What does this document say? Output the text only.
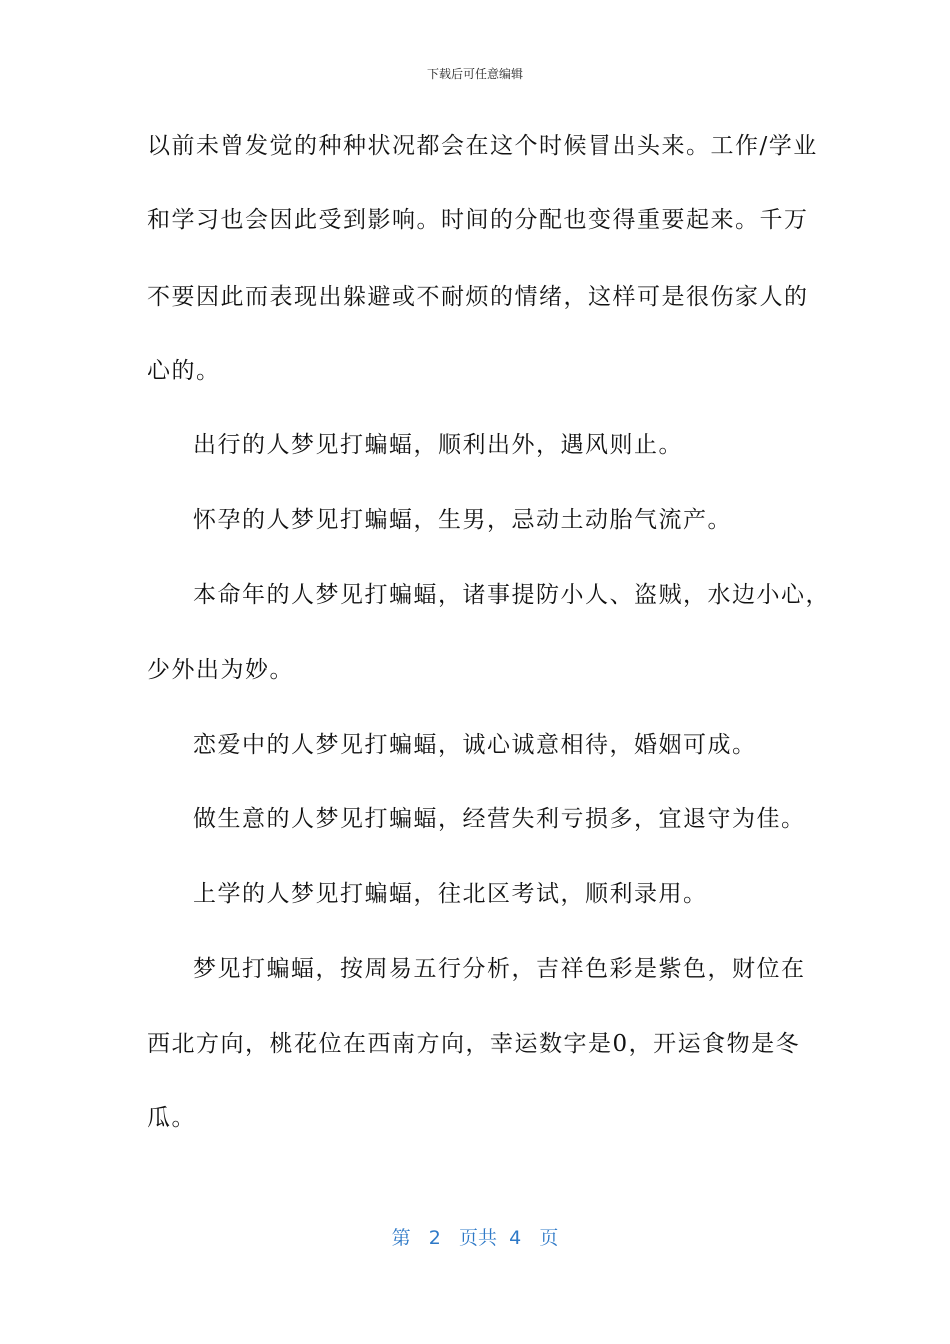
下载后可任意编辑
以前未曾发觉的种种状况都会在这个时候冒出头来。工作/学业
和学习也会因此受到影响。时间的分配也变得重要起来。千万
不要因此而表现出躲避或不耐烦的情绪，这样可是很伤家人的
心的。
出行的人梦见打蝙蝠，顺利出外，遇风则止。
怀孕的人梦见打蝙蝠，生男，忌动土动胎气流产。
本命年的人梦见打蝙蝠，诸事提防小人、盗贼，水边小心，
少外出为妙。
恋爱中的人梦见打蝙蝠，诚心诚意相待，婚姻可成。
做生意的人梦见打蝙蝠，经营失利亏损多，宜退守为佳。
上学的人梦见打蝙蝠，往北区考试，顺利录用。
梦见打蝙蝠，按周易五行分析，吉祥色彩是紫色，财位在
西北方向，桃花位在西南方向，幸运数字是0，开运食物是冬
瓜。
第 2 页共 4 页
